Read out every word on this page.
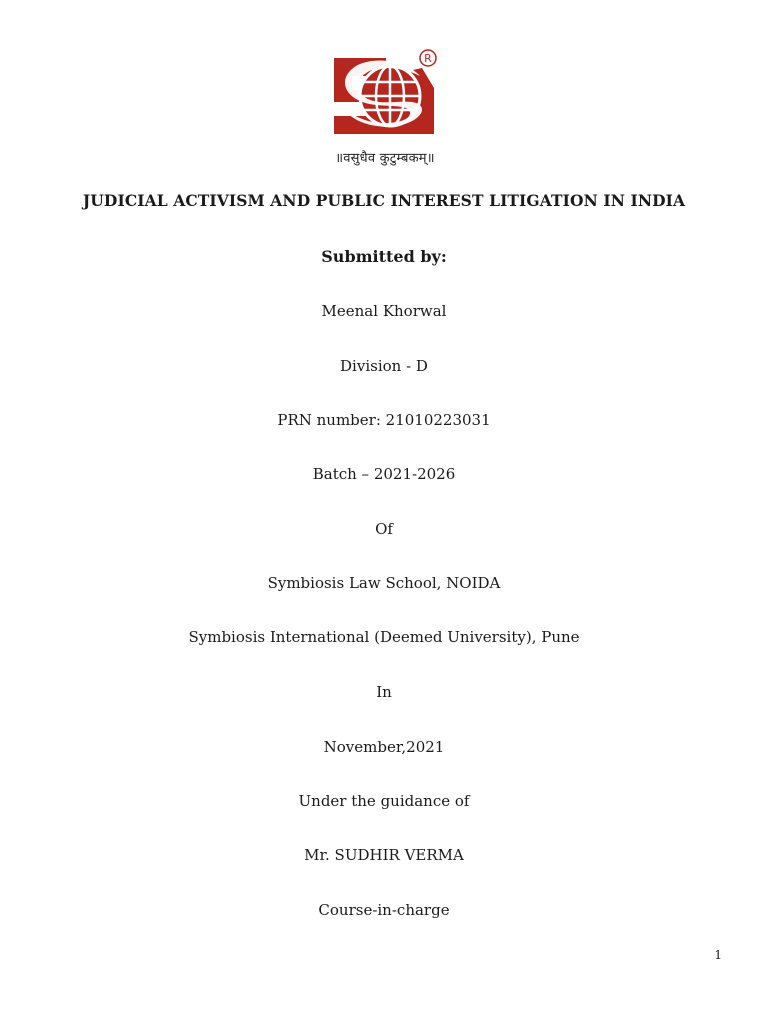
R
॥वसुधैव कुटुम्बकम्॥
JUDICIAL ACTIVISM AND PUBLIC INTEREST LITIGATION IN INDIA
Submitted by:
Meenal Khorwal
Division - D
PRN number: 21010223031
Batch – 2021-2026
Of
Symbiosis Law School, NOIDA
Symbiosis International (Deemed University), Pune
In
November,2021
Under the guidance of
Mr. SUDHIR VERMA
Course-in-charge
1
